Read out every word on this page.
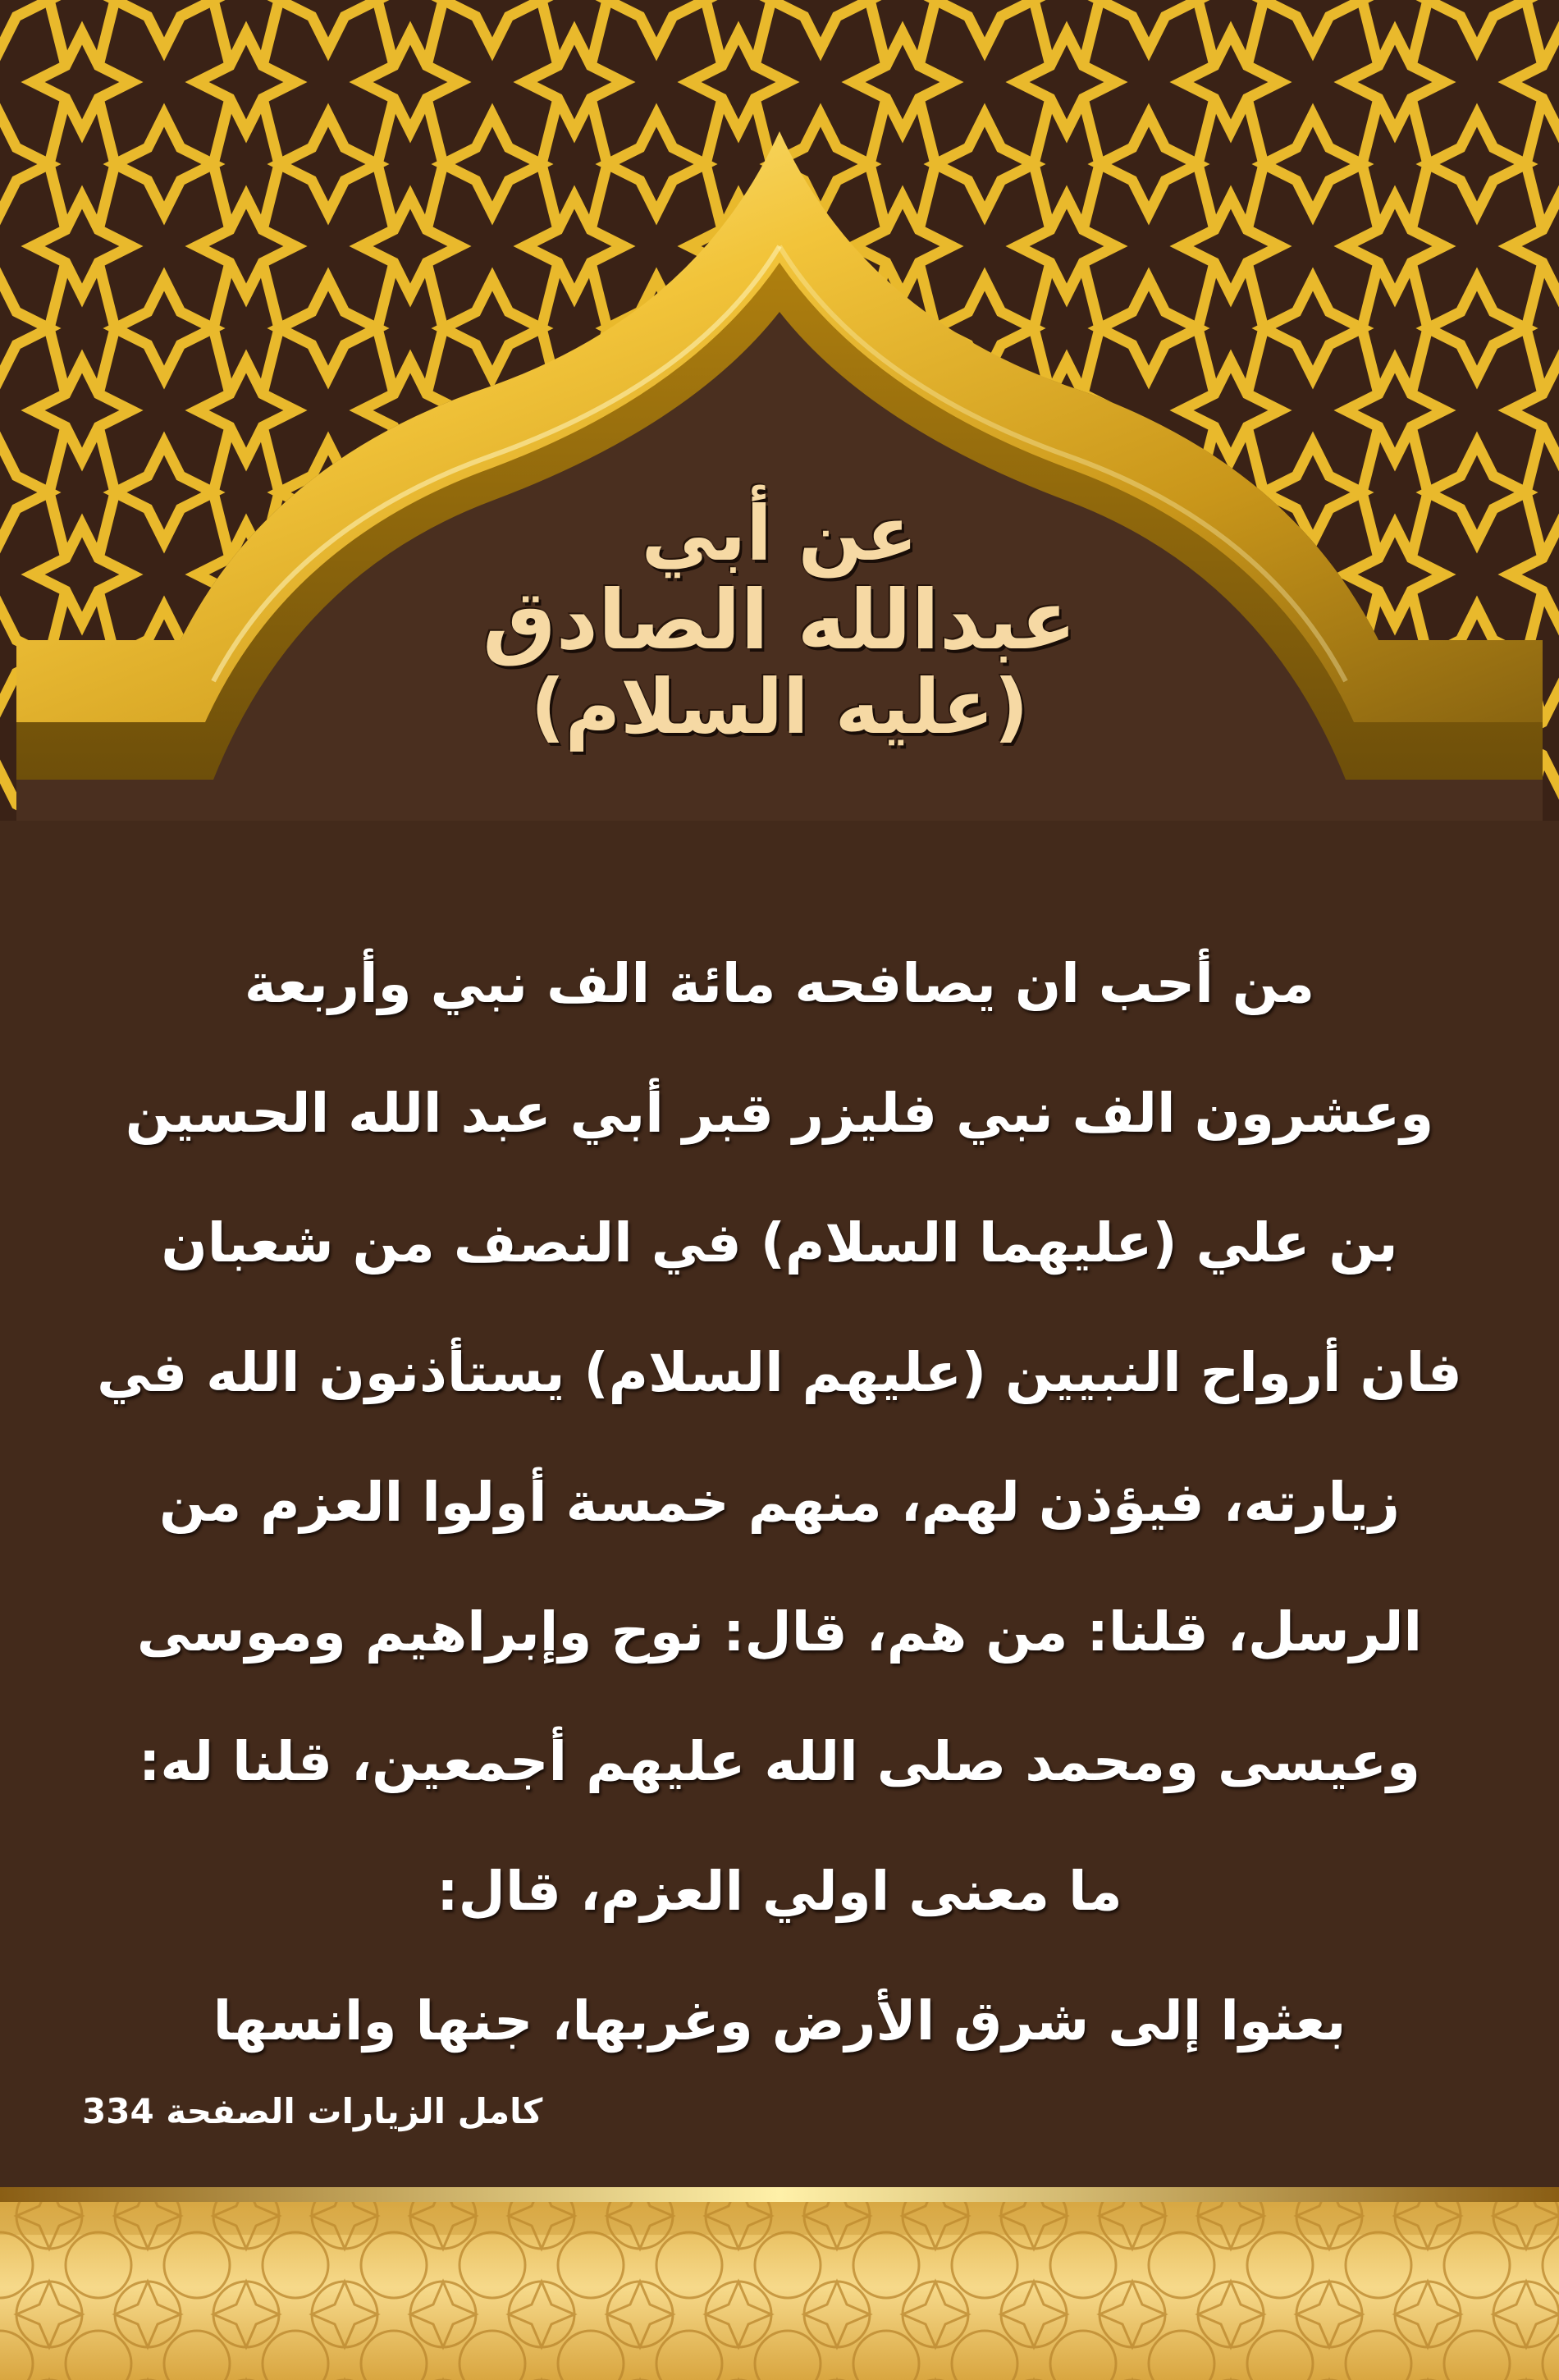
عن أبي
عبدالله الصادق
(عليه السلام)
من أحب ان يصافحه مائة الف نبي وأربعة
وعشرون الف نبي فليزر قبر أبي عبد الله الحسين
بن علي (عليهما السلام) في النصف من شعبان
فان أرواح النبيين (عليهم السلام) يستأذنون الله في
زيارته، فيؤذن لهم، منهم خمسة أولوا العزم من
الرسل، قلنا: من هم، قال: نوح وإبراهيم وموسى
وعيسى ومحمد صلى الله عليهم أجمعين، قلنا له:
ما معنى اولي العزم، قال:
بعثوا إلى شرق الأرض وغربها، جنها وانسها
كامل الزيارات الصفحة 334
